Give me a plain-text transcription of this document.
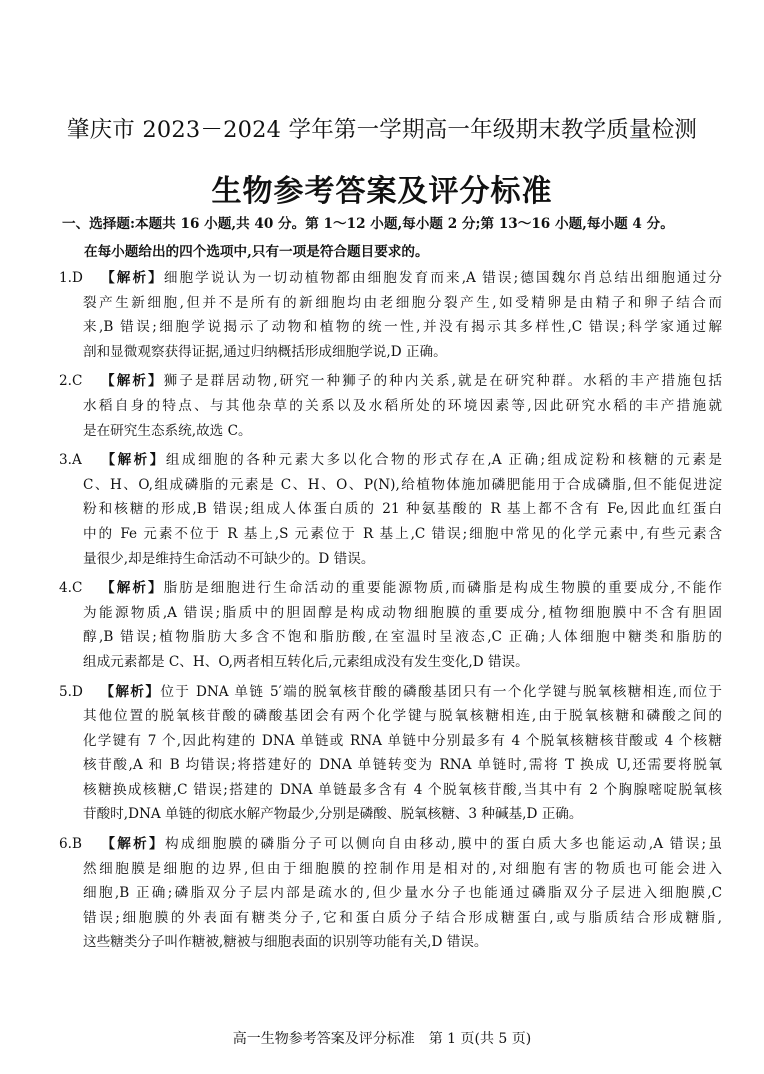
肇庆市 2023－2024 学年第一学期高一年级期末教学质量检测
生物参考答案及评分标准
一、选择题:本题共 16 小题,共 40 分。第 1～12 小题,每小题 2 分;第 13～16 小题,每小题 4 分。
在每小题给出的四个选项中,只有一项是符合题目要求的。
1.D 【解析】细胞学说认为一切动植物都由细胞发育而来,A 错误;德国魏尔肖总结出细胞通过分
裂产生新细胞,但并不是所有的新细胞均由老细胞分裂产生,如受精卵是由精子和卵子结合而
来,B 错误;细胞学说揭示了动物和植物的统一性,并没有揭示其多样性,C 错误;科学家通过解
剖和显微观察获得证据,通过归纳概括形成细胞学说,D 正确。
2.C 【解析】狮子是群居动物,研究一种狮子的种内关系,就是在研究种群。水稻的丰产措施包括
水稻自身的特点、与其他杂草的关系以及水稻所处的环境因素等,因此研究水稻的丰产措施就
是在研究生态系统,故选 C。
3.A 【解析】组成细胞的各种元素大多以化合物的形式存在,A 正确;组成淀粉和核糖的元素是
C、H、O,组成磷脂的元素是 C、H、O、P(N),给植物体施加磷肥能用于合成磷脂,但不能促进淀
粉和核糖的形成,B 错误;组成人体蛋白质的 21 种氨基酸的 R 基上都不含有 Fe,因此血红蛋白
中的 Fe 元素不位于 R 基上,S 元素位于 R 基上,C 错误;细胞中常见的化学元素中,有些元素含
量很少,却是维持生命活动不可缺少的。D 错误。
4.C 【解析】脂肪是细胞进行生命活动的重要能源物质,而磷脂是构成生物膜的重要成分,不能作
为能源物质,A 错误;脂质中的胆固醇是构成动物细胞膜的重要成分,植物细胞膜中不含有胆固
醇,B 错误;植物脂肪大多含不饱和脂肪酸,在室温时呈液态,C 正确;人体细胞中糖类和脂肪的
组成元素都是 C、H、O,两者相互转化后,元素组成没有发生变化,D 错误。
5.D 【解析】位于 DNA 单链 5′端的脱氧核苷酸的磷酸基团只有一个化学键与脱氧核糖相连,而位于
其他位置的脱氧核苷酸的磷酸基团会有两个化学键与脱氧核糖相连,由于脱氧核糖和磷酸之间的
化学键有 7 个,因此构建的 DNA 单链或 RNA 单链中分别最多有 4 个脱氧核糖核苷酸或 4 个核糖
核苷酸,A 和 B 均错误;将搭建好的 DNA 单链转变为 RNA 单链时,需将 T 换成 U,还需要将脱氧
核糖换成核糖,C 错误;搭建的 DNA 单链最多含有 4 个脱氧核苷酸,当其中有 2 个胸腺嘧啶脱氧核
苷酸时,DNA 单链的彻底水解产物最少,分别是磷酸、脱氧核糖、3 种碱基,D 正确。
6.B 【解析】构成细胞膜的磷脂分子可以侧向自由移动,膜中的蛋白质大多也能运动,A 错误;虽
然细胞膜是细胞的边界,但由于细胞膜的控制作用是相对的,对细胞有害的物质也可能会进入
细胞,B 正确;磷脂双分子层内部是疏水的,但少量水分子也能通过磷脂双分子层进入细胞膜,C
错误;细胞膜的外表面有糖类分子,它和蛋白质分子结合形成糖蛋白,或与脂质结合形成糖脂,
这些糖类分子叫作糖被,糖被与细胞表面的识别等功能有关,D 错误。
高一生物参考答案及评分标准　第 1 页(共 5 页)
